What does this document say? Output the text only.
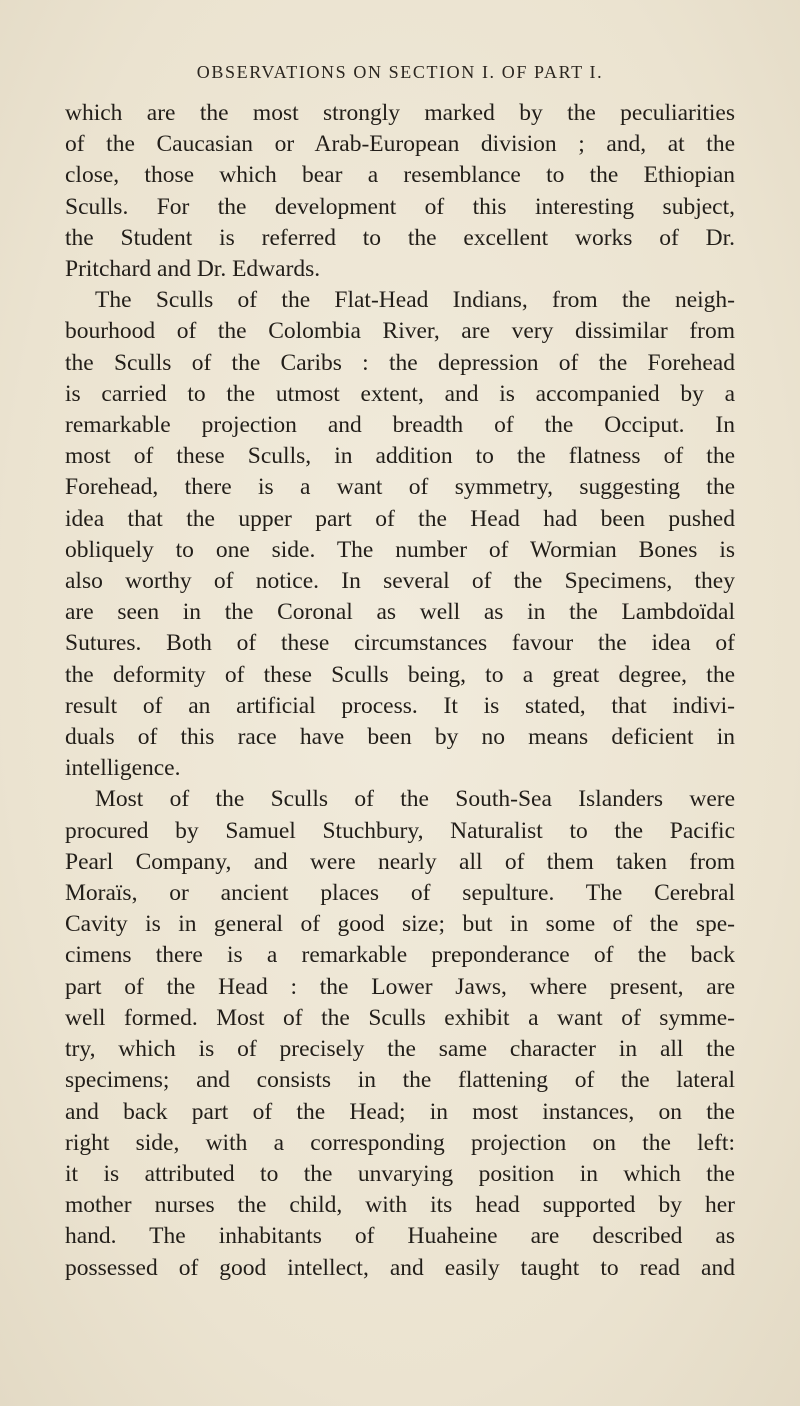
OBSERVATIONS ON SECTION I. OF PART I.
which are the most strongly marked by the peculiarities
of the Caucasian or Arab-European division ; and, at the
close, those which bear a resemblance to the Ethiopian
Sculls. For the development of this interesting subject,
the Student is referred to the excellent works of Dr.
Pritchard and Dr. Edwards.
The Sculls of the Flat-Head Indians, from the neigh-
bourhood of the Colombia River, are very dissimilar from
the Sculls of the Caribs : the depression of the Forehead
is carried to the utmost extent, and is accompanied by a
remarkable projection and breadth of the Occiput. In
most of these Sculls, in addition to the flatness of the
Forehead, there is a want of symmetry, suggesting the
idea that the upper part of the Head had been pushed
obliquely to one side. The number of Wormian Bones is
also worthy of notice. In several of the Specimens, they
are seen in the Coronal as well as in the Lambdoïdal
Sutures. Both of these circumstances favour the idea of
the deformity of these Sculls being, to a great degree, the
result of an artificial process. It is stated, that indivi-
duals of this race have been by no means deficient in
intelligence.
Most of the Sculls of the South-Sea Islanders were
procured by Samuel Stuchbury, Naturalist to the Pacific
Pearl Company, and were nearly all of them taken from
Moraïs, or ancient places of sepulture. The Cerebral
Cavity is in general of good size; but in some of the spe-
cimens there is a remarkable preponderance of the back
part of the Head : the Lower Jaws, where present, are
well formed. Most of the Sculls exhibit a want of symme-
try, which is of precisely the same character in all the
specimens; and consists in the flattening of the lateral
and back part of the Head; in most instances, on the
right side, with a corresponding projection on the left:
it is attributed to the unvarying position in which the
mother nurses the child, with its head supported by her
hand. The inhabitants of Huaheine are described as
possessed of good intellect, and easily taught to read and
